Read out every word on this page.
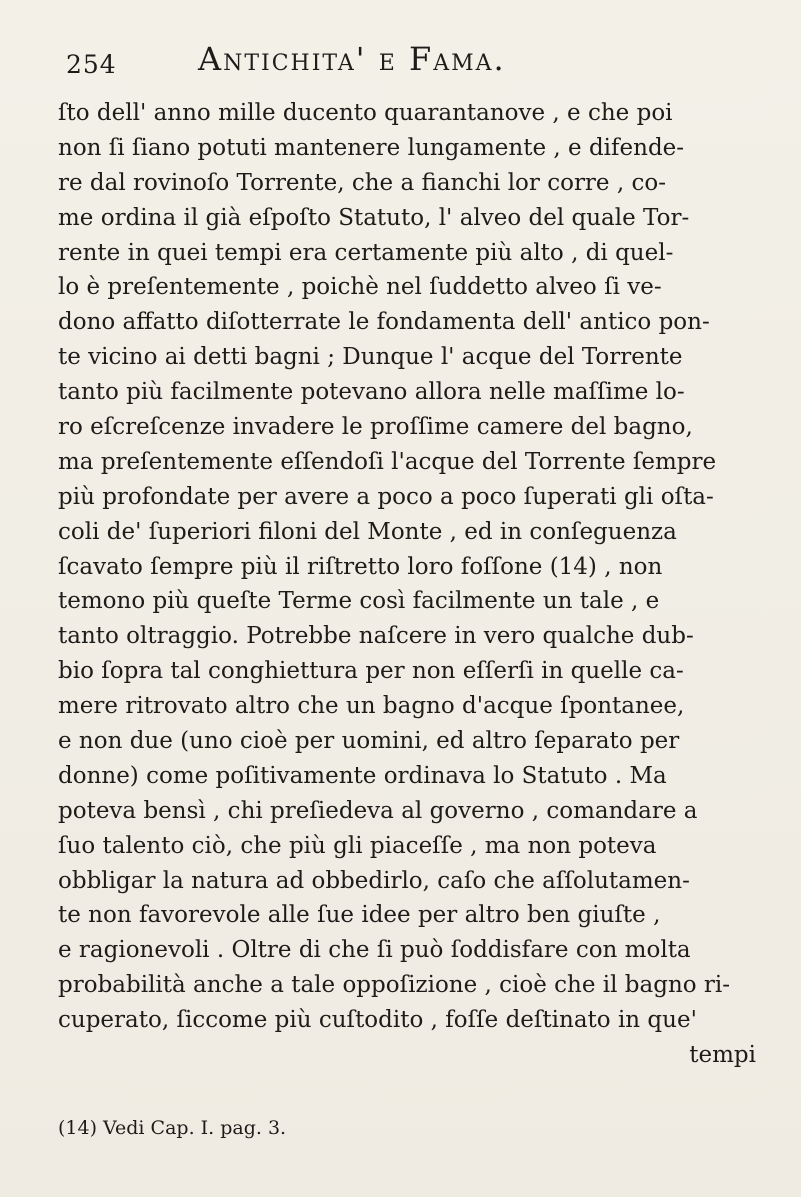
254	Antichita' e Fama.
ſto dell' anno mille ducento quarantanove , e che poi
non ſi ſiano potuti mantenere lungamente , e difende-
re dal rovinoſo Torrente, che a fianchi lor corre , co-
me ordina il già eſpoſto Statuto, l' alveo del quale Tor-
rente in quei tempi era certamente più alto , di quel-
lo è preſentemente , poichè nel ſuddetto alveo ſi ve-
dono affatto diſotterrate le fondamenta dell' antico pon-
te vicino ai detti bagni ; Dunque l' acque del Torrente
tanto più facilmente potevano allora nelle maſſime lo-
ro eſcreſcenze invadere le proſſime camere del bagno,
ma preſentemente eſſendoſi l'acque del Torrente ſempre
più profondate per avere a poco a poco ſuperati gli oſta-
coli de' ſuperiori filoni del Monte , ed in conſeguenza
ſcavato ſempre più il riſtretto loro foſſone (14) , non
temono più queſte Terme così facilmente un tale , e
tanto oltraggio. Potrebbe naſcere in vero qualche dub-
bio ſopra tal conghiettura per non eſſerſi in quelle ca-
mere ritrovato altro che un bagno d'acque ſpontanee,
e non due (uno cioè per uomini, ed altro ſeparato per
donne) come poſitivamente ordinava lo Statuto . Ma
poteva bensì , chi preſiedeva al governo , comandare a
ſuo talento ciò, che più gli piaceſſe , ma non poteva
obbligar la natura ad obbedirlo, caſo che aſſolutamen-
te non favorevole alle ſue idee per altro ben giuſte ,
e ragionevoli . Oltre di che ſi può ſoddisfare con molta
probabilità anche a tale oppoſizione , cioè che il bagno ri-
cuperato, ſiccome più cuſtodito , foſſe deſtinato in que'
tempi
(14) Vedi Cap. I. pag. 3.
